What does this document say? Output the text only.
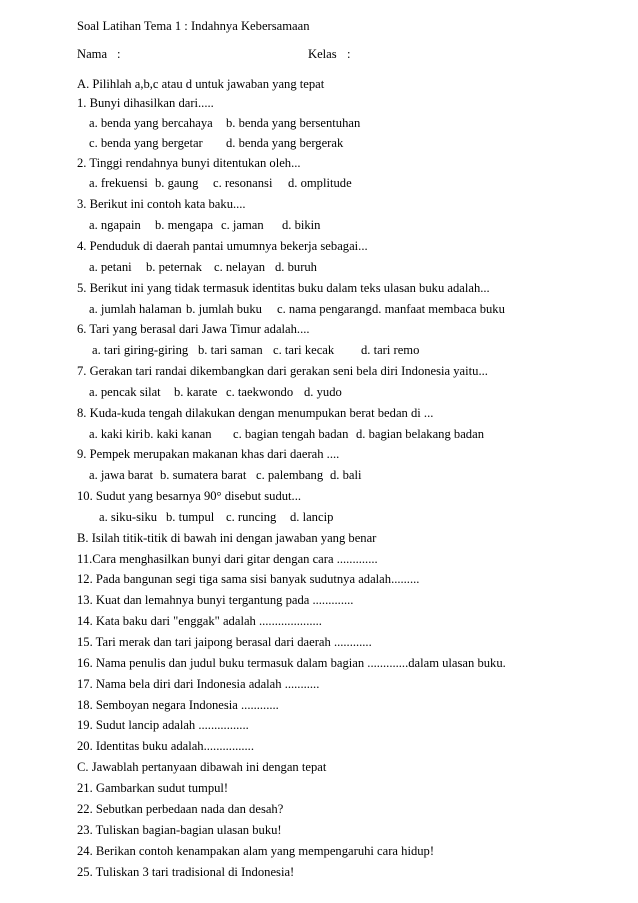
Soal Latihan Tema 1 : Indahnya Kebersamaan
Nama :	Kelas :
A. Pilihlah a,b,c atau d untuk jawaban yang tepat
1. Bunyi dihasilkan dari.....
a. benda yang bercahaya b. benda yang bersentuhan
c. benda yang bergetar d. benda yang bergerak
2. Tinggi rendahnya bunyi ditentukan oleh...
a. frekuensi b. gaung c. resonansi d. omplitude
3. Berikut ini contoh kata baku....
a. ngapain b. mengapa c. jaman d. bikin
4. Penduduk di daerah pantai umumnya bekerja sebagai...
a. petani b. peternak c. nelayan d. buruh
5. Berikut ini yang tidak termasuk identitas buku dalam teks ulasan buku adalah...
a. jumlah halaman b. jumlah buku c. nama pengarangd. manfaat membaca buku
6. Tari yang berasal dari Jawa Timur adalah....
a. tari giring-giring b. tari saman c. tari kecak d. tari remo
7. Gerakan tari randai dikembangkan dari gerakan seni bela diri Indonesia yaitu...
a. pencak silat b. karate c. taekwondo d. yudo
8. Kuda-kuda tengah dilakukan dengan menumpukan berat bedan di ...
a. kaki kirib. kaki kanan c. bagian tengah badan d. bagian belakang badan
9. Pempek merupakan makanan khas dari daerah ....
a. jawa barat b. sumatera barat c. palembang d. bali
10. Sudut yang besarnya 90° disebut sudut...
a. siku-siku b. tumpul c. runcing d. lancip
B. Isilah titik-titik di bawah ini dengan jawaban yang benar
11.Cara menghasilkan bunyi dari gitar dengan cara .............
12. Pada bangunan segi tiga sama sisi banyak sudutnya adalah.........
13. Kuat dan lemahnya bunyi tergantung pada .............
14. Kata baku dari "enggak" adalah ....................
15. Tari merak dan tari jaipong berasal dari daerah ............
16. Nama penulis dan judul buku termasuk dalam bagian .............dalam ulasan buku.
17. Nama bela diri dari Indonesia adalah ...........
18. Semboyan negara Indonesia ............
19. Sudut lancip adalah ................
20. Identitas buku adalah................
C. Jawablah pertanyaan dibawah ini dengan tepat
21. Gambarkan sudut tumpul!
22. Sebutkan perbedaan nada dan desah?
23. Tuliskan bagian-bagian ulasan buku!
24. Berikan contoh kenampakan alam yang mempengaruhi cara hidup!
25. Tuliskan 3 tari tradisional di Indonesia!
